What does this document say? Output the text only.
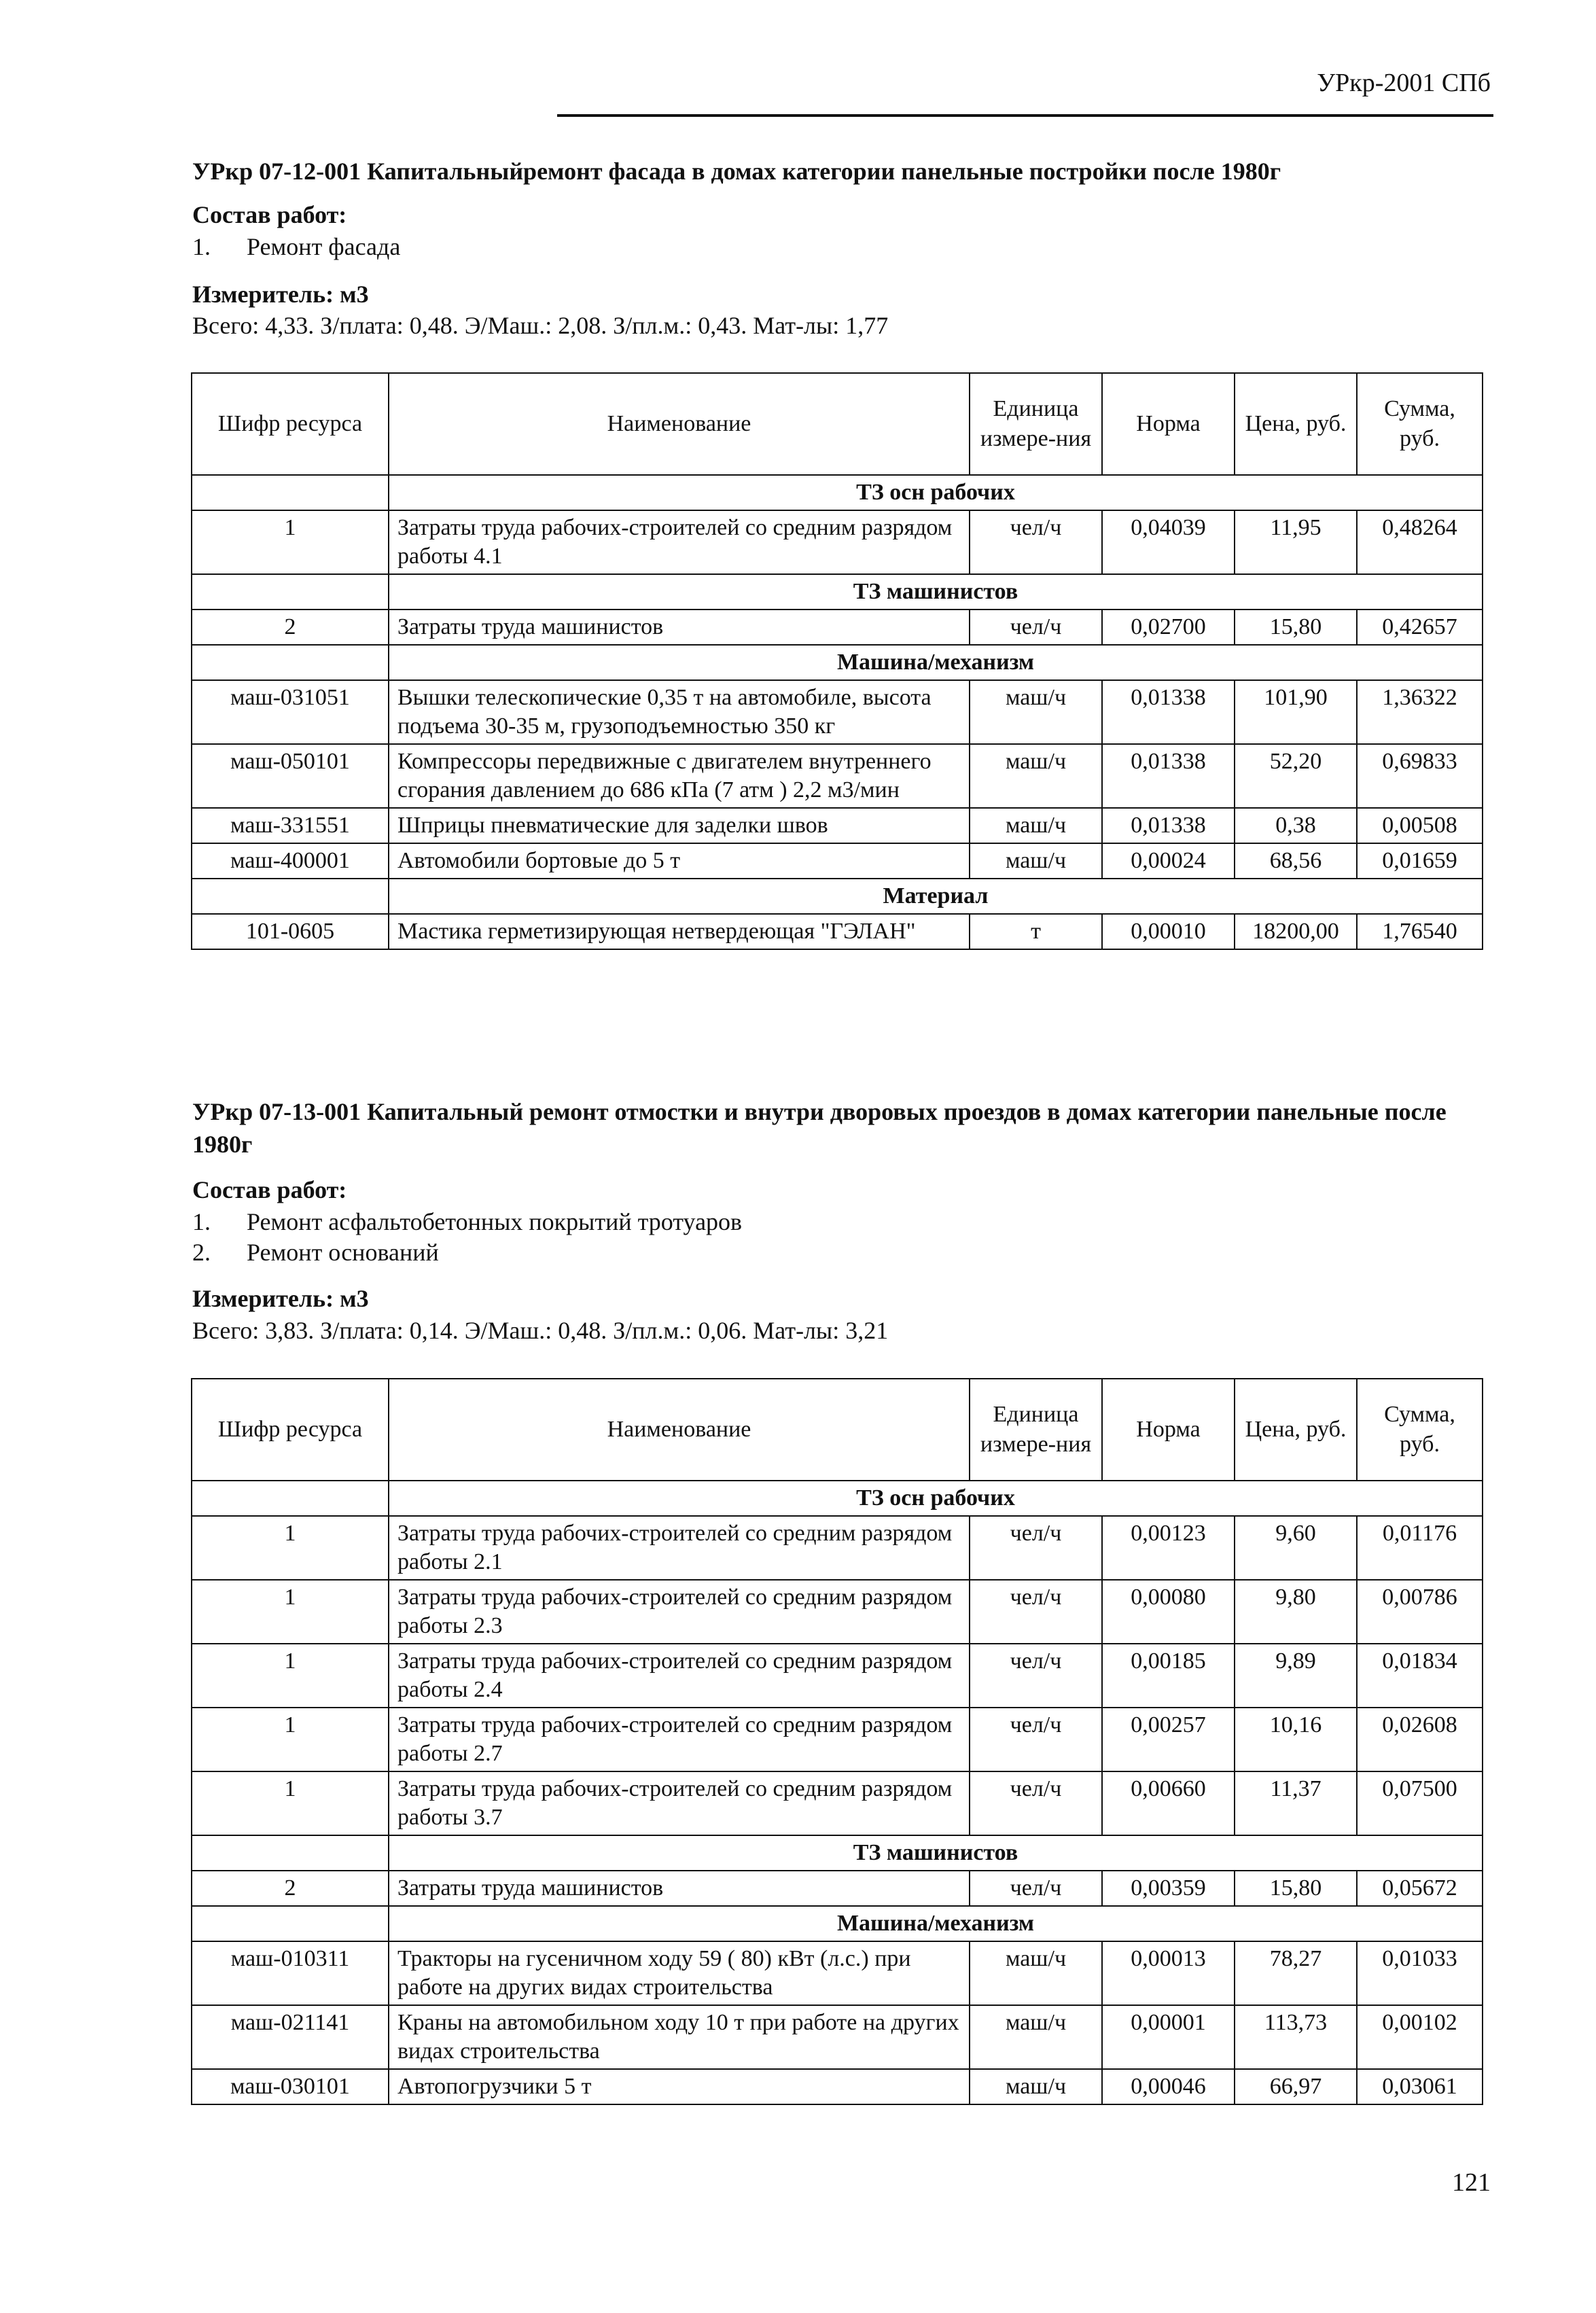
УРкр-2001 СПб
УРкр 07-12-001 Капитальныйремонт фасада в домах категории панельные постройки после 1980г
Состав работ:
1. Ремонт фасада
Измеритель: м3
Всего: 4,33. З/плата: 0,48. Э/Маш.: 2,08. З/пл.м.: 0,43. Мат-лы: 1,77
Шифр ресурса	Наименование	Единица измере-ния	Норма	Цена, руб.	Сумма, руб.
	ТЗ осн рабочих				
1	Затраты труда рабочих-строителей со средним разрядом работы 4.1	чел/ч	0,04039	11,95	0,48264
	ТЗ машинистов				
2	Затраты труда машинистов	чел/ч	0,02700	15,80	0,42657
	Машина/механизм				
маш-031051	Вышки телескопические 0,35 т на автомобиле, высота подъема 30-35 м, грузоподъемностью 350 кг	маш/ч	0,01338	101,90	1,36322
маш-050101	Компрессоры передвижные с двигателем внутреннего сгорания давлением до 686 кПа (7 атм ) 2,2 м3/мин	маш/ч	0,01338	52,20	0,69833
маш-331551	Шприцы пневматические для заделки швов	маш/ч	0,01338	0,38	0,00508
маш-400001	Автомобили бортовые до 5 т	маш/ч	0,00024	68,56	0,01659
	Материал				
101-0605	Мастика герметизирующая нетвердеющая "ГЭЛАН"	т	0,00010	18200,00	1,76540
УРкр 07-13-001 Капитальный ремонт отмостки и внутри дворовых проездов в домах категории панельные после 1980г
Состав работ:
1. Ремонт асфальтобетонных покрытий тротуаров
2. Ремонт оснований
Измеритель: м3
Всего: 3,83. З/плата: 0,14. Э/Маш.: 0,48. З/пл.м.: 0,06. Мат-лы: 3,21
Шифр ресурса	Наименование	Единица измере-ния	Норма	Цена, руб.	Сумма, руб.
	ТЗ осн рабочих				
1	Затраты труда рабочих-строителей со средним разрядом работы 2.1	чел/ч	0,00123	9,60	0,01176
1	Затраты труда рабочих-строителей со средним разрядом работы 2.3	чел/ч	0,00080	9,80	0,00786
1	Затраты труда рабочих-строителей со средним разрядом работы 2.4	чел/ч	0,00185	9,89	0,01834
1	Затраты труда рабочих-строителей со средним разрядом работы 2.7	чел/ч	0,00257	10,16	0,02608
1	Затраты труда рабочих-строителей со средним разрядом работы 3.7	чел/ч	0,00660	11,37	0,07500
	ТЗ машинистов				
2	Затраты труда машинистов	чел/ч	0,00359	15,80	0,05672
	Машина/механизм				
маш-010311	Тракторы на гусеничном ходу 59 ( 80) кВт (л.с.) при работе на других видах строительства	маш/ч	0,00013	78,27	0,01033
маш-021141	Краны на автомобильном ходу 10 т при работе на других видах строительства	маш/ч	0,00001	113,73	0,00102
маш-030101	Автопогрузчики 5 т	маш/ч	0,00046	66,97	0,03061
121
